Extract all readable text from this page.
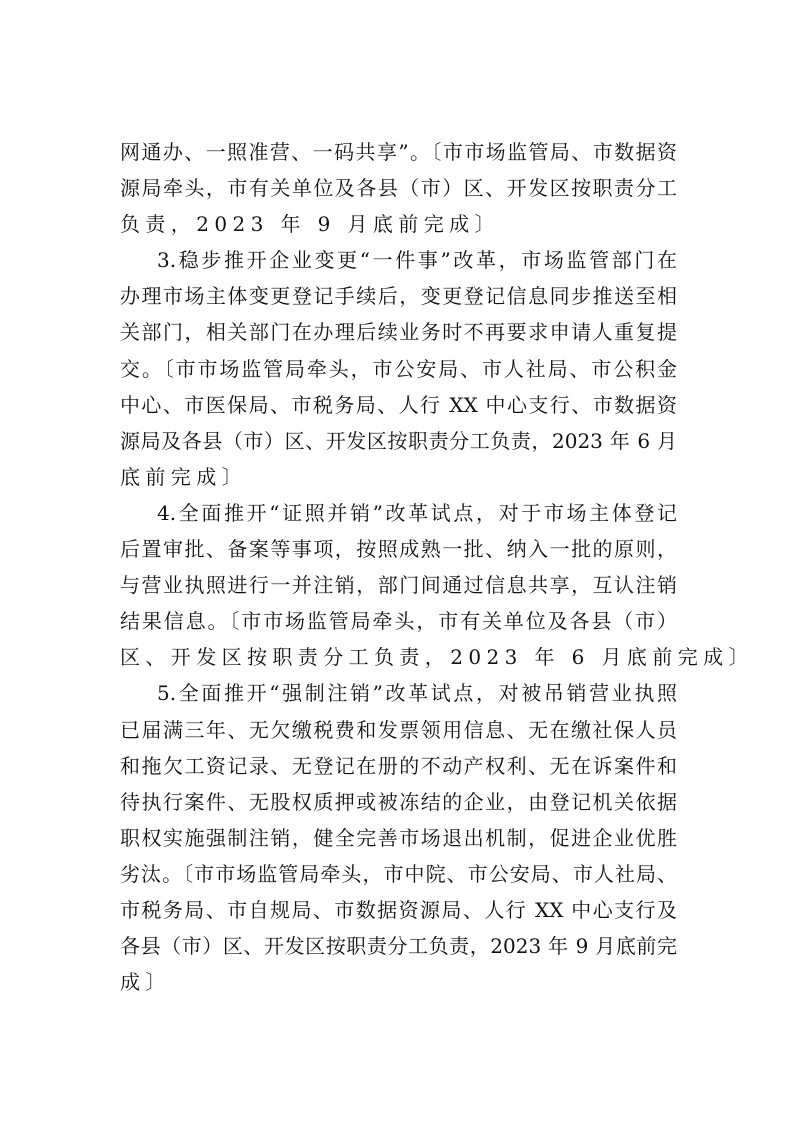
网通办、一照准营、一码共享”。〔市市场监管局、市数据资
源局牵头，市有关单位及各县（市）区、开发区按职责分工
负责，2023 年 9 月底前完成〕
3.稳步推开企业变更“一件事”改革，市场监管部门在
办理市场主体变更登记手续后，变更登记信息同步推送至相
关部门，相关部门在办理后续业务时不再要求申请人重复提
交。〔市市场监管局牵头，市公安局、市人社局、市公积金
中心、市医保局、市税务局、人行 XX 中心支行、市数据资
源局及各县（市）区、开发区按职责分工负责，2023 年 6 月
底前完成〕
4.全面推开“证照并销”改革试点，对于市场主体登记
后置审批、备案等事项，按照成熟一批、纳入一批的原则，
与营业执照进行一并注销，部门间通过信息共享，互认注销
结果信息。〔市市场监管局牵头，市有关单位及各县（市）
区、开发区按职责分工负责，2023 年 6 月底前完成〕
5.全面推开“强制注销”改革试点，对被吊销营业执照
已届满三年、无欠缴税费和发票领用信息、无在缴社保人员
和拖欠工资记录、无登记在册的不动产权利、无在诉案件和
待执行案件、无股权质押或被冻结的企业，由登记机关依据
职权实施强制注销，健全完善市场退出机制，促进企业优胜
劣汰。〔市市场监管局牵头，市中院、市公安局、市人社局、
市税务局、市自规局、市数据资源局、人行 XX 中心支行及
各县（市）区、开发区按职责分工负责，2023 年 9 月底前完
成〕
